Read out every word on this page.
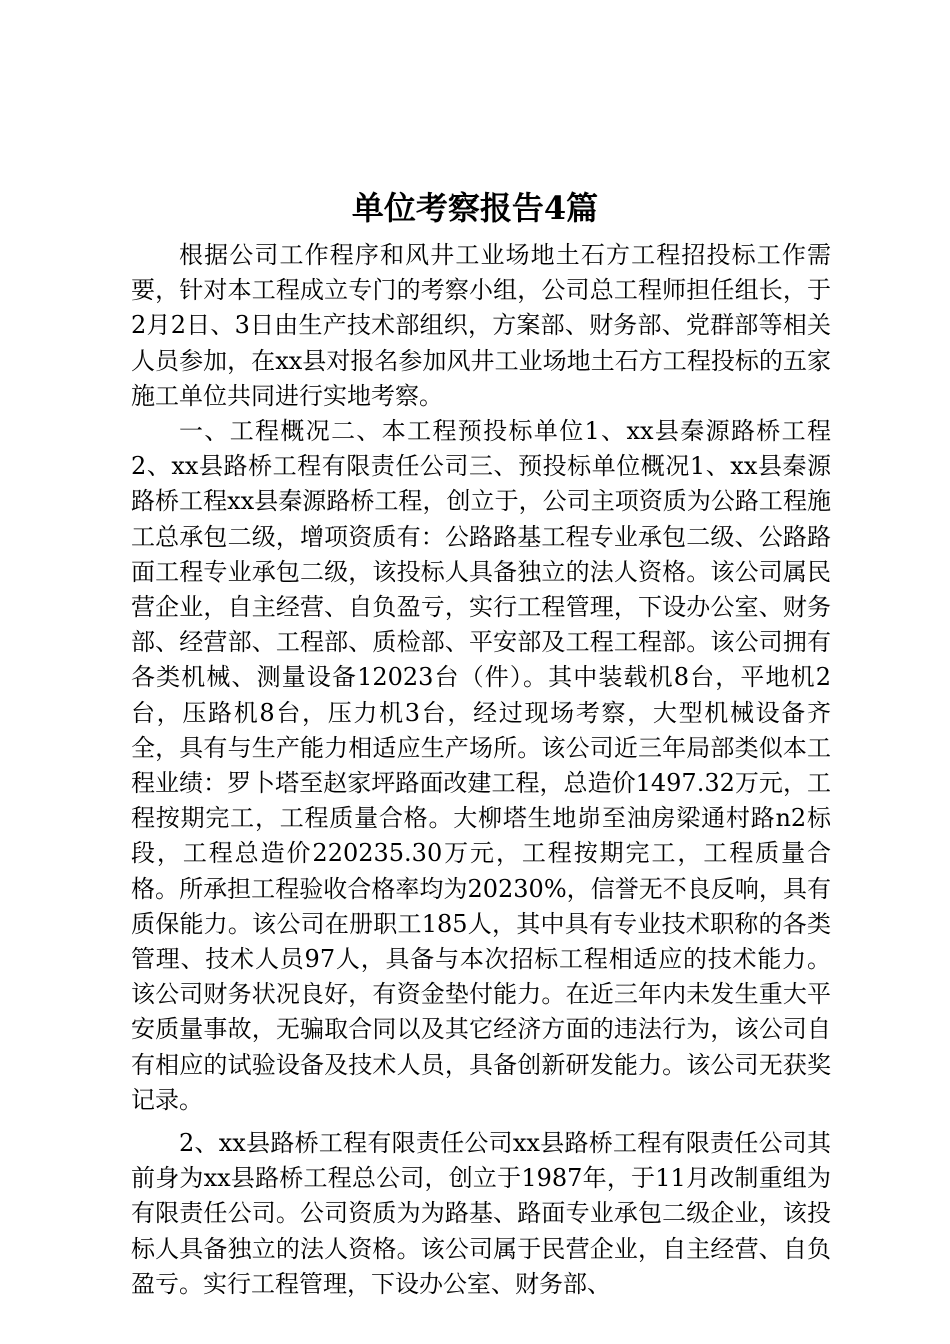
单位考察报告4篇

根据公司工作程序和风井工业场地土石方工程招投标工作需要，针对本工程成立专门的考察小组，公司总工程师担任组长，于2月2日、3日由生产技术部组织，方案部、财务部、党群部等相关人员参加，在xx县对报名参加风井工业场地土石方工程投标的五家施工单位共同进行实地考察。

一、工程概况二、本工程预投标单位1、xx县秦源路桥工程2、xx县路桥工程有限责任公司三、预投标单位概况1、xx县秦源路桥工程xx县秦源路桥工程，创立于，公司主项资质为公路工程施工总承包二级，增项资质有：公路路基工程专业承包二级、公路路面工程专业承包二级，该投标人具备独立的法人资格。该公司属民营企业，自主经营、自负盈亏，实行工程管理，下设办公室、财务部、经营部、工程部、质检部、平安部及工程工程部。该公司拥有各类机械、测量设备12023台（件）。其中装载机8台，平地机2台，压路机8台，压力机3台，经过现场考察，大型机械设备齐全，具有与生产能力相适应生产场所。该公司近三年局部类似本工程业绩：罗卜塔至赵家坪路面改建工程，总造价1497.32万元，工程按期完工，工程质量合格。大柳塔生地峁至油房梁通村路n2标段，工程总造价220235.30万元，工程按期完工，工程质量合格。所承担工程验收合格率均为20230%，信誉无不良反响，具有质保能力。该公司在册职工185人，其中具有专业技术职称的各类管理、技术人员97人，具备与本次招标工程相适应的技术能力。该公司财务状况良好，有资金垫付能力。在近三年内未发生重大平安质量事故，无骗取合同以及其它经济方面的违法行为，该公司自有相应的试验设备及技术人员，具备创新研发能力。该公司无获奖记录。

2、xx县路桥工程有限责任公司xx县路桥工程有限责任公司其前身为xx县路桥工程总公司，创立于1987年，于11月改制重组为有限责任公司。公司资质为为路基、路面专业承包二级企业，该投标人具备独立的法人资格。该公司属于民营企业，自主经营、自负盈亏。实行工程管理，下设办公室、财务部、
